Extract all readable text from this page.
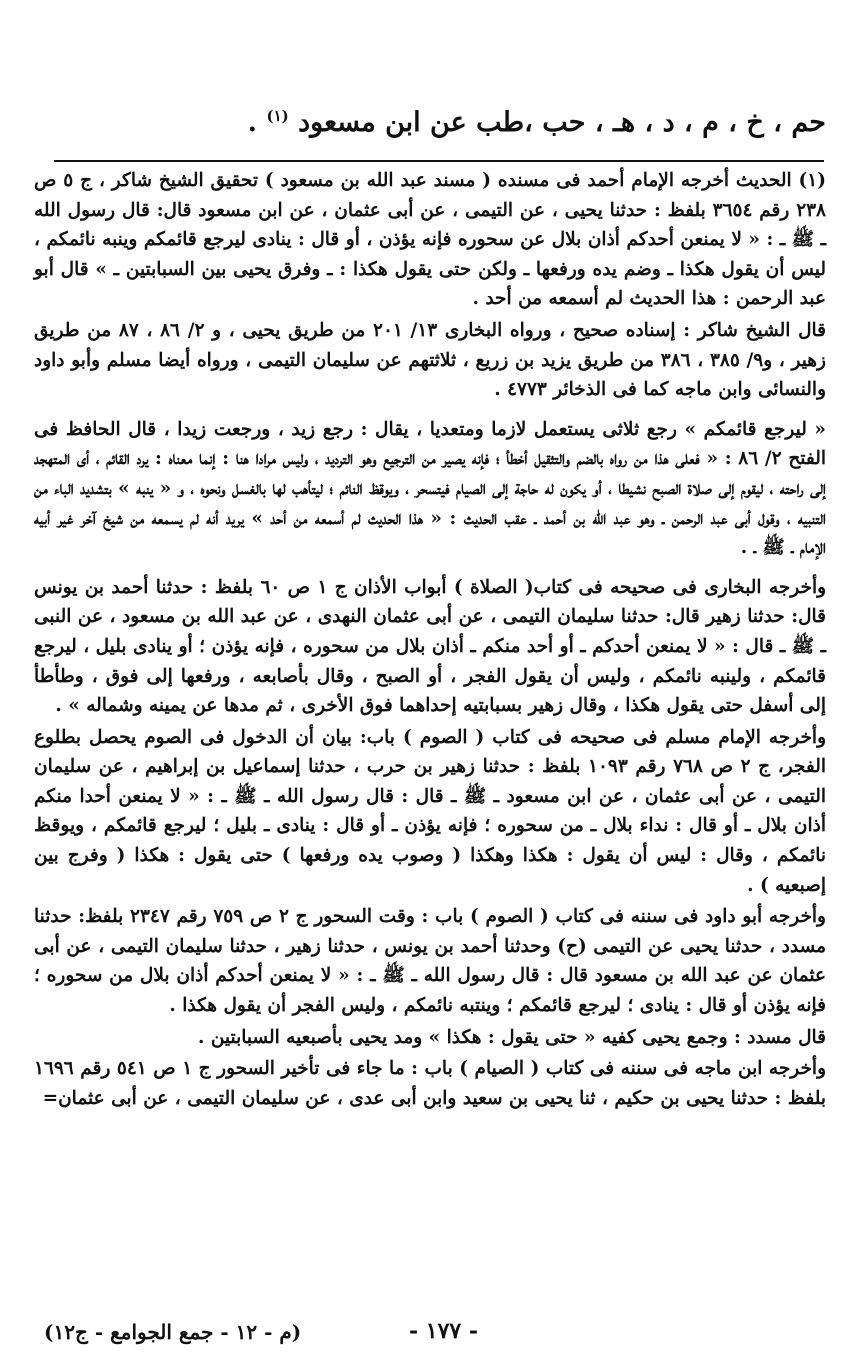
حم ، خ ، م ، د ، هـ ، حب ،طب عن ابن مسعود $^{(١)}$ .

(١) الحديث أخرجه الإمام أحمد فى مسنده ( مسند عبد الله بن مسعود ) تحقيق الشيخ شاكر ، ج ٥ ص ٢٣٨ رقم ٣٦٥٤ بلفظ : حدثنا يحيى ، عن التيمى ، عن أبى عثمان ، عن ابن مسعود قال: قال رسول الله ـ ﷺ ـ : « لا يمنعن أحدكم أذان بلال عن سحوره فإنه يؤذن ، أو قال : ينادى ليرجع قائمكم وينبه نائمكم ، ليس أن يقول هكذا ـ وضم يده ورفعها ـ ولكن حتى يقول هكذا : ـ وفرق يحيى بين السبابتين ـ » قال أبو عبد الرحمن : هذا الحديث لم أسمعه من أحد .

قال الشيخ شاكر : إسناده صحيح ، ورواه البخارى ١٣/ ٢٠١ من طريق يحيى ، و ٢/ ٨٦ ، ٨٧ من طريق زهير ، و٩/ ٣٨٥ ، ٣٨٦ من طريق يزيد بن زريع ، ثلاثتهم عن سليمان التيمى ، ورواه أيضا مسلم وأبو داود والنسائى وابن ماجه كما فى الذخائر ٤٧٧٣ .

« ليرجع قائمكم » رجع ثلاثى يستعمل لازما ومتعديا ، يقال : رجع زيد ، ورجعت زيدا ، قال الحافظ فى الفتح ٢/ ٨٦ : « فعلى هذا من رواه بالضم والتثقيل أخطأ ؛ فإنه يصير من الترجيع وهو الترديد ، وليس مرادا هنا : إنما معناه : يرد القائم ، أى المتهجد إلى راحته ، ليقوم إلى صلاة الصبح نشيطا ، أو يكون له حاجة إلى الصيام فيتسحر ، ويوقظ النائم ؛ ليتأهب لها بالغسل ونحوه ، و « ينبه » بتشديد الباء من التنبيه ، وقول أبى عبد الرحمن ـ وهو عبد الله بن أحمد ـ عقب الحديث : « هذا الحديث لم أسمعه من أحد » يريد أنه لم يسمعه من شيخ آخر غير أبيه الإمام ـ ﷺ ـ .

وأخرجه البخارى فى صحيحه فى كتاب( الصلاة ) أبواب الأذان ج ١ ص ٦٠ بلفظ : حدثنا أحمد بن يونس قال: حدثنا زهير قال: حدثنا سليمان التيمى ، عن أبى عثمان النهدى ، عن عبد الله بن مسعود ، عن النبى ـ ﷺ ـ قال : « لا يمنعن أحدكم ـ أو أحد منكم ـ أذان بلال من سحوره ، فإنه يؤذن ؛ أو ينادى بليل ، ليرجع قائمكم ، ولينبه نائمكم ، وليس أن يقول الفجر ، أو الصبح ، وقال بأصابعه ، ورفعها إلى فوق ، وطأطأ إلى أسفل حتى يقول هكذا ، وقال زهير بسبابتيه إحداهما فوق الأخرى ، ثم مدها عن يمينه وشماله » .

وأخرجه الإمام مسلم فى صحيحه فى كتاب ( الصوم ) باب: بيان أن الدخول فى الصوم يحصل بطلوع الفجر، ج ٢ ص ٧٦٨ رقم ١٠٩٣ بلفظ : حدثنا زهير بن حرب ، حدثنا إسماعيل بن إبراهيم ، عن سليمان التيمى ، عن أبى عثمان ، عن ابن مسعود ـ ﷺ ـ قال : قال رسول الله ـ ﷺ ـ : « لا يمنعن أحدا منكم أذان بلال ـ أو قال : نداء بلال ـ من سحوره ؛ فإنه يؤذن ـ أو قال : ينادى ـ بليل ؛ ليرجع قائمكم ، ويوقظ نائمكم ، وقال : ليس أن يقول : هكذا وهكذا ( وصوب يده ورفعها ) حتى يقول : هكذا ( وفرج بين إصبعيه ) .

وأخرجه أبو داود فى سننه فى كتاب ( الصوم ) باب : وقت السحور ج ٢ ص ٧٥٩ رقم ٢٣٤٧ بلفظ: حدثنا مسدد ، حدثنا يحيى عن التيمى (ح) وحدثنا أحمد بن يونس ، حدثنا زهير ، حدثنا سليمان التيمى ، عن أبى عثمان عن عبد الله بن مسعود قال : قال رسول الله ـ ﷺ ـ : « لا يمنعن أحدكم أذان بلال من سحوره ؛ فإنه يؤذن أو قال : ينادى ؛ ليرجع قائمكم ؛ وينتبه نائمكم ، وليس الفجر أن يقول هكذا .

قال مسدد : وجمع يحيى كفيه « حتى يقول : هكذا » ومد يحيى بأصبعيه السبابتين .

وأخرجه ابن ماجه فى سننه فى كتاب ( الصيام ) باب : ما جاء فى تأخير السحور ج ١ ص ٥٤١ رقم ١٦٩٦ بلفظ : حدثنا يحيى بن حكيم ، ثنا يحيى بن سعيد وابن أبى عدى ، عن سليمان التيمى ، عن أبى عثمان=

- ١٧٧ -
(م - ١٢ - جمع الجوامع - ج١٢)
